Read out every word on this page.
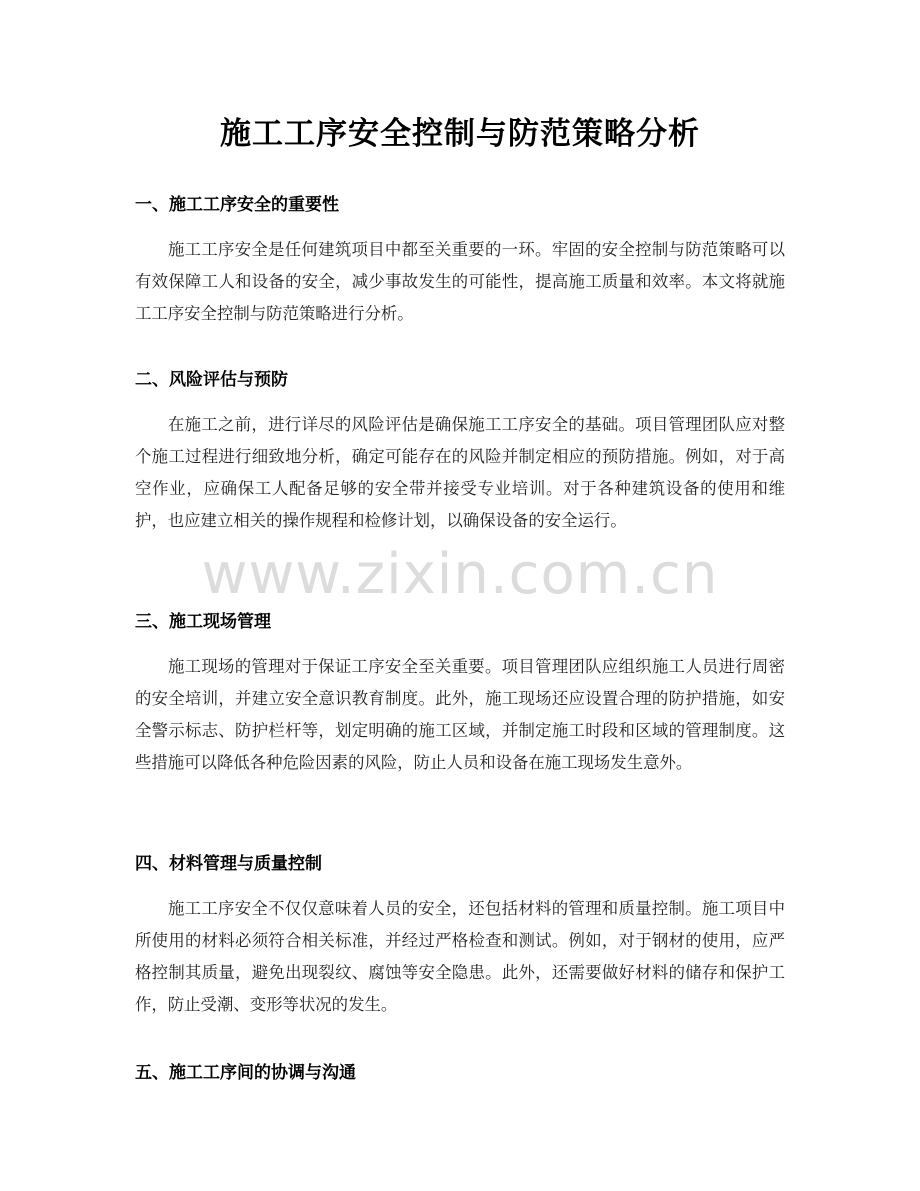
施工工序安全控制与防范策略分析
一、施工工序安全的重要性

施工工序安全是任何建筑项目中都至关重要的一环。牢固的安全控制与防范策略可以有效保障工人和设备的安全，减少事故发生的可能性，提高施工质量和效率。本文将就施工工序安全控制与防范策略进行分析。

二、风险评估与预防

在施工之前，进行详尽的风险评估是确保施工工序安全的基础。项目管理团队应对整个施工过程进行细致地分析，确定可能存在的风险并制定相应的预防措施。例如，对于高空作业，应确保工人配备足够的安全带并接受专业培训。对于各种建筑设备的使用和维护，也应建立相关的操作规程和检修计划，以确保设备的安全运行。

三、施工现场管理

施工现场的管理对于保证工序安全至关重要。项目管理团队应组织施工人员进行周密的安全培训，并建立安全意识教育制度。此外，施工现场还应设置合理的防护措施，如安全警示标志、防护栏杆等，划定明确的施工区域，并制定施工时段和区域的管理制度。这些措施可以降低各种危险因素的风险，防止人员和设备在施工现场发生意外。

四、材料管理与质量控制

施工工序安全不仅仅意味着人员的安全，还包括材料的管理和质量控制。施工项目中所使用的材料必须符合相关标准，并经过严格检查和测试。例如，对于钢材的使用，应严格控制其质量，避免出现裂纹、腐蚀等安全隐患。此外，还需要做好材料的储存和保护工作，防止受潮、变形等状况的发生。

五、施工工序间的协调与沟通
www.zixin.com.cn
